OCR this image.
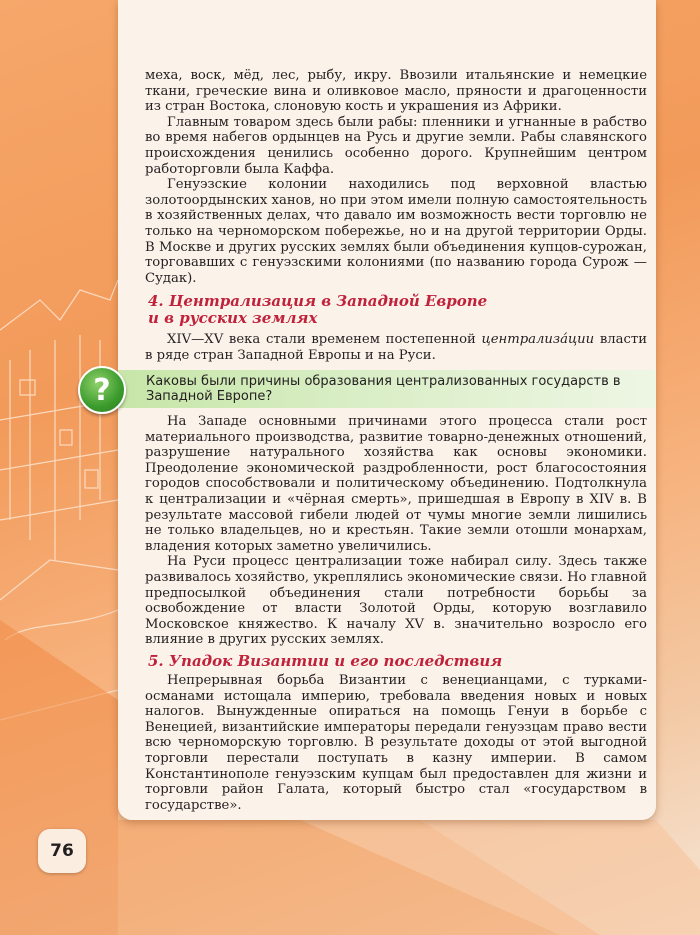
меха, воск, мёд, лес, рыбу, икру. Ввозили итальянские и немецкие ткани, греческие вина и оливковое масло, пряности и драгоценности из стран Востока, слоновую кость и украшения из Африки.

Главным товаром здесь были рабы: пленники и угнанные в рабство во время набегов ордынцев на Русь и другие земли. Рабы славянского происхождения ценились особенно дорого. Крупнейшим центром работорговли была Каффа.

Генуэзские колонии находились под верховной властью золотоордынских ханов, но при этом имели полную самостоятельность в хозяйственных делах, что давало им возможность вести торговлю не только на черноморском побережье, но и на другой территории Орды. В Москве и других русских землях были объединения купцов-сурожан, торговавших с генуэзскими колониями (по названию города Сурож — Судак).

4. Централизация в Западной Европе
и в русских землях

XIV—XV века стали временем постепенной централиза́ции власти в ряде стран Западной Европы и на Руси.

?	Каковы были причины образования централизованных государств в Западной Европе?

На Западе основными причинами этого процесса стали рост материального производства, развитие товарно-денежных отношений, разрушение натурального хозяйства как основы экономики. Преодоление экономической раздробленности, рост благосостояния городов способствовали и политическому объединению. Подтолкнула к централизации и «чёрная смерть», пришедшая в Европу в XIV в. В результате массовой гибели людей от чумы многие земли лишились не только владельцев, но и крестьян. Такие земли отошли монархам, владения которых заметно увеличились.

На Руси процесс централизации тоже набирал силу. Здесь также развивалось хозяйство, укреплялись экономические связи. Но главной предпосылкой объединения стали потребности борьбы за освобождение от власти Золотой Орды, которую возглавило Московское княжество. К началу XV в. значительно возросло его влияние в других русских землях.

5. Упадок Византии и его последствия

Непрерывная борьба Византии с венецианцами, с турками-османами истощала империю, требовала введения новых и новых налогов. Вынужденные опираться на помощь Генуи в борьбе с Венецией, византийские императоры передали генуэзцам право вести всю черноморскую торговлю. В результате доходы от этой выгодной торговли перестали поступать в казну империи. В самом Константинополе генуэзским купцам был предоставлен для жизни и торговли район Галата, который быстро стал «государством в государстве».

76
